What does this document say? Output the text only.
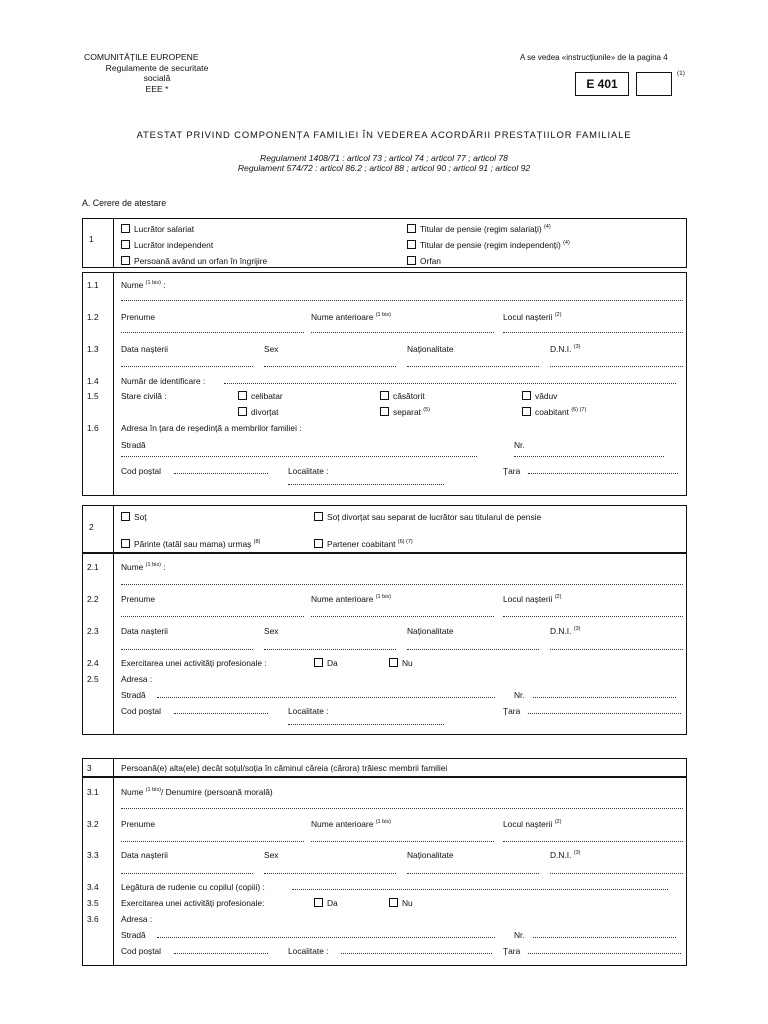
COMUNITĂȚILE EUROPENE
Regulamente de securitate
socială
EEE *
A se vedea «instrucțiunile» de la pagina 4
E 401
(1)
ATESTAT PRIVIND COMPONENȚA FAMILIEI ÎN VEDEREA ACORDĂRII PRESTAȚIILOR FAMILIALE
Regulament 1408/71 : articol 73 ; articol 74 ; articol 77 ; articol 78
Regulament 574/72 : articol 86.2 ; articol 88 ; articol 90 ; articol 91 ; articol 92
A. Cerere de atestare
1
Lucrător salariat	Titular de pensie (regim salariați) $^{(4)}$
Lucrător independent	Titular de pensie (regim independenți) $^{(4)}$
Persoană având un orfan în îngrijire	Orfan
1.1	Nume $^{(1 bis)}$ :
1.2	Prenume	Nume anterioare $^{(1 bis)}$	Locul nașterii $^{(2)}$
1.3	Data nașterii	Sex	Naționalitate	D.N.I. $^{(3)}$
1.4	Număr de identificare :
1.5	Stare civilă :	celibatar	căsătorit	văduv
divorțat	separat $^{(5)}$	coabitant $^{(6) (7)}$
1.6	Adresa în țara de reședință a membrilor familiei :
Stradă	Nr.
Cod poștal	Localitate :	Țara
2
Soț	Soț divorțat sau separat de lucrător sau titularul de pensie
Părinte (tatăl sau mama) urmaș $^{(8)}$	Partener coabitant $^{(6) (7)}$
2.1	Nume $^{(1 bis)}$ :
2.2	Prenume	Nume anterioare $^{(1 bis)}$	Locul nașterii $^{(2)}$
2.3	Data nașterii	Sex	Naționalitate	D.N.I. $^{(3)}$
2.4	Exercitarea unei activități profesionale :	Da	Nu
2.5	Adresa :
Stradă	Nr.
Cod poștal	Localitate :	Țara
3	Persoană(e) alta(ele) decât soțul/soția în căminul căreia (cărora) trăiesc membrii familiei
3.1	Nume $^{(1 bis)}$/ Denumire (persoană morală)
3.2	Prenume	Nume anterioare $^{(1 bis)}$	Locul nașterii $^{(2)}$
3.3	Data nașterii	Sex	Naționalitate	D.N.I. $^{(3)}$
3.4	Legătura de rudenie cu copilul (copiii) :
3.5	Exercitarea unei activități profesionale:	Da	Nu
3.6	Adresa :
Stradă	Nr.
Cod poștal	Localitate :	Țara
